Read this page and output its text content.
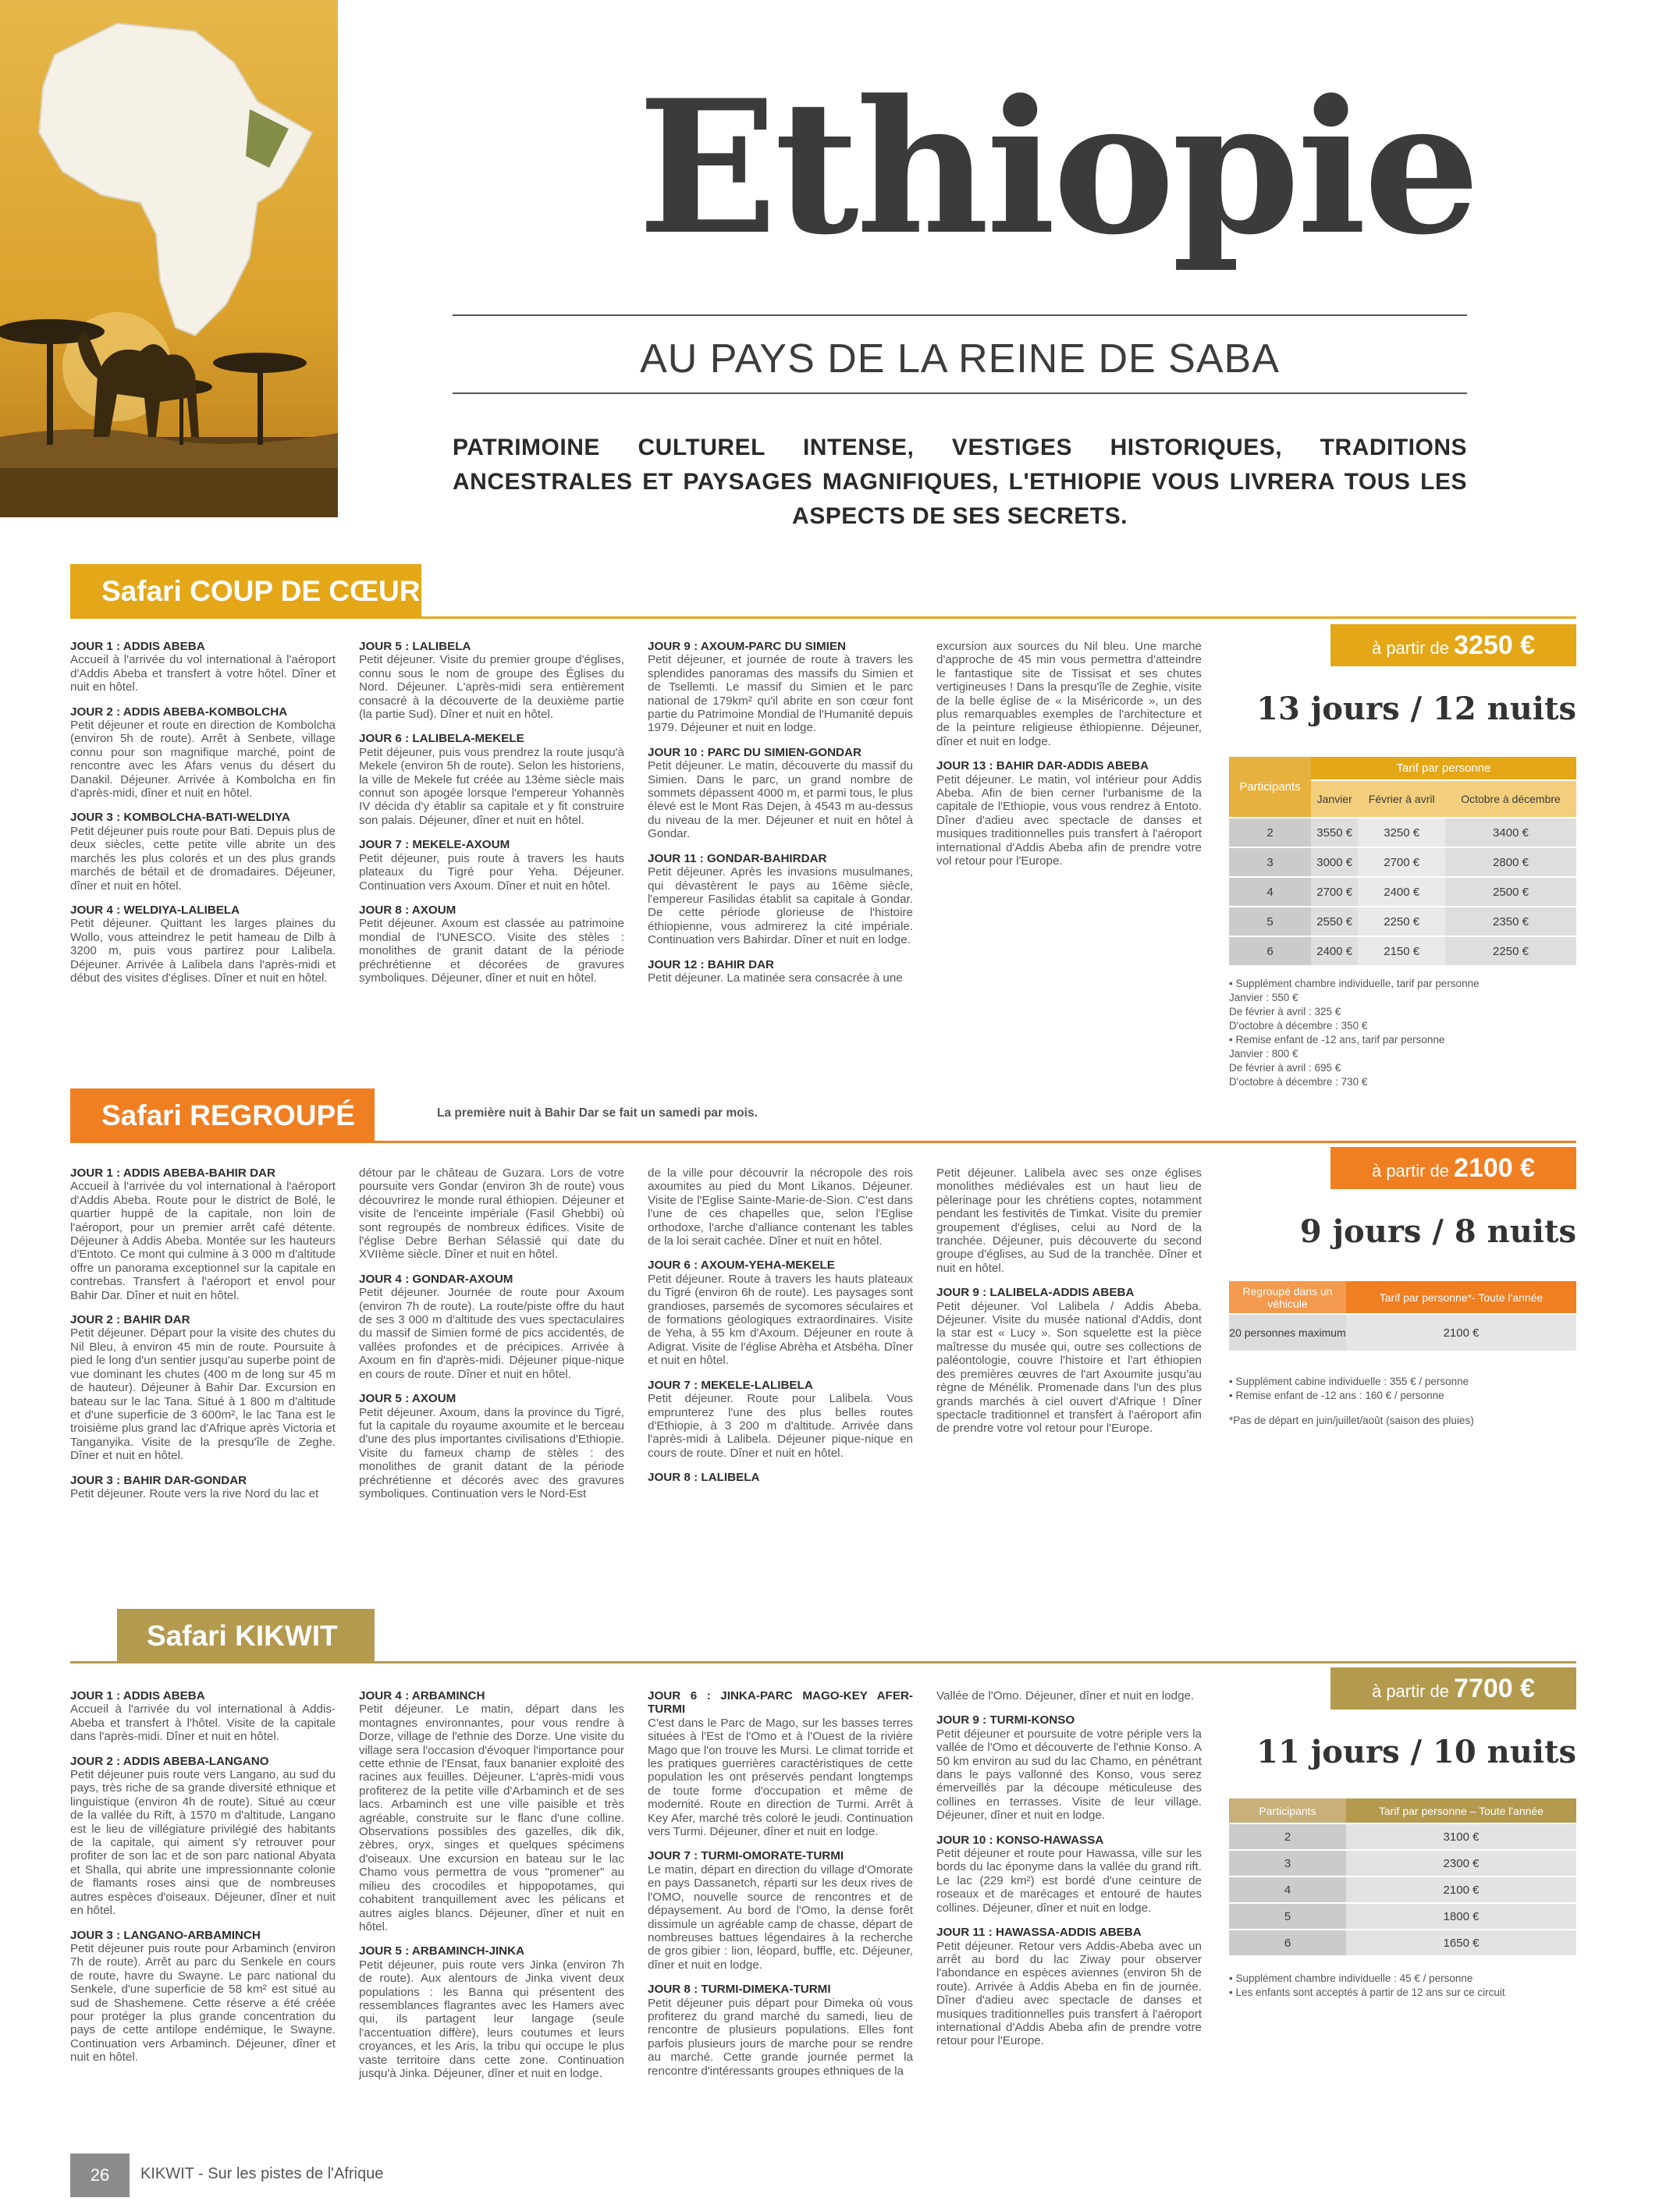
Ethiopie
AU PAYS DE LA REINE DE SABA
PATRIMOINE CULTUREL INTENSE, VESTIGES HISTORIQUES, TRADITIONS ANCESTRALES ET PAYSAGES MAGNIFIQUES, L'ETHIOPIE VOUS LIVRERA TOUS LES ASPECTS DE SES SECRETS.
Safari COUP DE CŒUR
JOUR 1 : ADDIS ABEBA

Accueil à l'arrivée du vol international à l'aéroport d'Addis Abeba et transfert à votre hôtel. Dîner et nuit en hôtel.

JOUR 2 : ADDIS ABEBA-KOMBOLCHA

Petit déjeuner et route en direction de Kombolcha (environ 5h de route). Arrêt à Senbete, village connu pour son magnifique marché, point de rencontre avec les Afars venus du désert du Danakil. Déjeuner. Arrivée à Kombolcha en fin d'après-midi, dîner et nuit en hôtel.

JOUR 3 : KOMBOLCHA-BATI-WELDIYA

Petit déjeuner puis route pour Bati. Depuis plus de deux siècles, cette petite ville abrite un des marchés les plus colorés et un des plus grands marchés de bétail et de dromadaires. Déjeuner, dîner et nuit en hôtel.

JOUR 4 : WELDIYA-LALIBELA

Petit déjeuner. Quittant les larges plaines du Wollo, vous atteindrez le petit hameau de Dilb à 3200 m, puis vous partirez pour Lalibela. Déjeuner. Arrivée à Lalibela dans l'après-midi et début des visites d'églises. Dîner et nuit en hôtel.

JOUR 5 : LALIBELA

Petit déjeuner. Visite du premier groupe d'églises, connu sous le nom de groupe des Églises du Nord. Déjeuner. L'après-midi sera entièrement consacré à la découverte de la deuxième partie (la partie Sud). Dîner et nuit en hôtel.

JOUR 6 : LALIBELA-MEKELE

Petit déjeuner, puis vous prendrez la route jusqu'à Mekele (environ 5h de route). Selon les historiens, la ville de Mekele fut créée au 13ème siècle mais connut son apogée lorsque l'empereur Yohannès IV décida d'y établir sa capitale et y fit construire son palais. Déjeuner, dîner et nuit en hôtel.

JOUR 7 : MEKELE-AXOUM

Petit déjeuner, puis route à travers les hauts plateaux du Tigré pour Yeha. Déjeuner. Continuation vers Axoum. Dîner et nuit en hôtel.

JOUR 8 : AXOUM

Petit déjeuner. Axoum est classée au patrimoine mondial de l'UNESCO. Visite des stèles : monolithes de granit datant de la période préchrétienne et décorées de gravures symboliques. Déjeuner, dîner et nuit en hôtel.

JOUR 9 : AXOUM-PARC DU SIMIEN

Petit déjeuner, et journée de route à travers les splendides panoramas des massifs du Simien et de Tsellemti. Le massif du Simien et le parc national de 179km² qu'il abrite en son cœur font partie du Patrimoine Mondial de l'Humanité depuis 1979. Déjeuner et nuit en lodge.

JOUR 10 : PARC DU SIMIEN-GONDAR

Petit déjeuner. Le matin, découverte du massif du Simien. Dans le parc, un grand nombre de sommets dépassent 4000 m, et parmi tous, le plus élevé est le Mont Ras Dejen, à 4543 m au-dessus du niveau de la mer. Déjeuner et nuit en hôtel à Gondar.

JOUR 11 : GONDAR-BAHIRDAR

Petit déjeuner. Après les invasions musulmanes, qui dévastèrent le pays au 16ème siècle, l'empereur Fasilidas établit sa capitale à Gondar. De cette période glorieuse de l'histoire éthiopienne, vous admirerez la cité impériale. Continuation vers Bahirdar. Dîner et nuit en lodge.

JOUR 12 : BAHIR DAR

Petit déjeuner. La matinée sera consacrée à une

excursion aux sources du Nil bleu. Une marche d'approche de 45 min vous permettra d'atteindre le fantastique site de Tissisat et ses chutes vertigineuses ! Dans la presqu'île de Zeghie, visite de la belle église de « la Miséricorde », un des plus remarquables exemples de l'architecture et de la peinture religieuse éthiopienne. Déjeuner, dîner et nuit en lodge.

JOUR 13 : BAHIR DAR-ADDIS ABEBA

Petit déjeuner. Le matin, vol intérieur pour Addis Abeba. Afin de bien cerner l'urbanisme de la capitale de l'Ethiopie, vous vous rendrez à Entoto. Dîner d'adieu avec spectacle de danses et musiques traditionnelles puis transfert à l'aéroport international d'Addis Abeba afin de prendre votre vol retour pour l'Europe.

à partir de 3250 €
13 jours / 12 nuits
Participants	Tarif par personne		
	Janvier	Février à avril	Octobre à décembre
2	3550 €	3250 €	3400 €
3	3000 €	2700 €	2800 €
4	2700 €	2400 €	2500 €
5	2550 €	2250 €	2350 €
6	2400 €	2150 €	2250 €

• Supplément chambre individuelle, tarif par personne

Janvier : 550 €

De février à avril : 325 €

D'octobre à décembre : 350 €

• Remise enfant de -12 ans, tarif par personne

Janvier : 800 €

De février à avril : 695 €

D'octobre à décembre : 730 €

Safari REGROUPÉ	La première nuit à Bahir Dar se fait un samedi par mois.
JOUR 1 : ADDIS ABEBA-BAHIR DAR

Accueil à l'arrivée du vol international à l'aéroport d'Addis Abeba. Route pour le district de Bolé, le quartier huppé de la capitale, non loin de l'aéroport, pour un premier arrêt café détente. Déjeuner à Addis Abeba. Montée sur les hauteurs d'Entoto. Ce mont qui culmine à 3 000 m d'altitude offre un panorama exceptionnel sur la capitale en contrebas. Transfert à l'aéroport et envol pour Bahir Dar. Dîner et nuit en hôtel.

JOUR 2 : BAHIR DAR

Petit déjeuner. Départ pour la visite des chutes du Nil Bleu, à environ 45 min de route. Poursuite à pied le long d'un sentier jusqu'au superbe point de vue dominant les chutes (400 m de long sur 45 m de hauteur). Déjeuner à Bahir Dar. Excursion en bateau sur le lac Tana. Situé à 1 800 m d'altitude et d'une superficie de 3 600m², le lac Tana est le troisième plus grand lac d'Afrique après Victoria et Tanganyika. Visite de la presqu'île de Zeghe. Dîner et nuit en hôtel.

JOUR 3 : BAHIR DAR-GONDAR

Petit déjeuner. Route vers la rive Nord du lac et

détour par le château de Guzara. Lors de votre poursuite vers Gondar (environ 3h de route) vous découvrirez le monde rural éthiopien. Déjeuner et visite de l'enceinte impériale (Fasil Ghebbi) où sont regroupés de nombreux édifices. Visite de l'église Debre Berhan Sélassié qui date du XVIIème siècle. Dîner et nuit en hôtel.

JOUR 4 : GONDAR-AXOUM

Petit déjeuner. Journée de route pour Axoum (environ 7h de route). La route/piste offre du haut de ses 3 000 m d'altitude des vues spectaculaires du massif de Simien formé de pics accidentés, de vallées profondes et de précipices. Arrivée à Axoum en fin d'après-midi. Déjeuner pique-nique en cours de route. Dîner et nuit en hôtel.

JOUR 5 : AXOUM

Petit déjeuner. Axoum, dans la province du Tigré, fut la capitale du royaume axoumite et le berceau d'une des plus importantes civilisations d'Ethiopie. Visite du fameux champ de stèles : des monolithes de granit datant de la période préchrétienne et décorés avec des gravures symboliques. Continuation vers le Nord-Est

de la ville pour découvrir la nécropole des rois axoumites au pied du Mont Likanos. Déjeuner. Visite de l'Eglise Sainte-Marie-de-Sion. C'est dans l'une de ces chapelles que, selon l'Eglise orthodoxe, l'arche d'alliance contenant les tables de la loi serait cachée. Dîner et nuit en hôtel.

JOUR 6 : AXOUM-YEHA-MEKELE

Petit déjeuner. Route à travers les hauts plateaux du Tigré (environ 6h de route). Les paysages sont grandioses, parsemés de sycomores séculaires et de formations géologiques extraordinaires. Visite de Yeha, à 55 km d'Axoum. Déjeuner en route à Adigrat. Visite de l'église Abrèha et Atsbéha. Dîner et nuit en hôtel.

JOUR 7 : MEKELE-LALIBELA

Petit déjeuner. Route pour Lalibela. Vous emprunterez l'une des plus belles routes d'Ethiopie, à 3 200 m d'altitude. Arrivée dans l'après-midi à Lalibela. Déjeuner pique-nique en cours de route. Dîner et nuit en hôtel.

JOUR 8 : LALIBELA

Petit déjeuner. Lalibela avec ses onze églises monolithes médiévales est un haut lieu de pèlerinage pour les chrétiens coptes, notamment pendant les festivités de Timkat. Visite du premier groupement d'églises, celui au Nord de la tranchée. Déjeuner, puis découverte du second groupe d'églises, au Sud de la tranchée. Dîner et nuit en hôtel.

JOUR 9 : LALIBELA-ADDIS ABEBA

Petit déjeuner. Vol Lalibela / Addis Abeba. Déjeuner. Visite du musée national d'Addis, dont la star est « Lucy ». Son squelette est la pièce maîtresse du musée qui, outre ses collections de paléontologie, couvre l'histoire et l'art éthiopien des premières œuvres de l'art Axoumite jusqu'au règne de Ménélik. Promenade dans l'un des plus grands marchés à ciel ouvert d'Afrique ! Dîner spectacle traditionnel et transfert à l'aéroport afin de prendre votre vol retour pour l'Europe.

à partir de 2100 €
9 jours / 8 nuits
Regroupé dans un véhicule	Tarif par personne*- Toute l'année
20 personnes maximum	2100 €

• Supplément cabine individuelle : 355 € / personne

• Remise enfant de -12 ans : 160 € / personne

*Pas de départ en juin/juillet/août (saison des pluies)

Safari KIKWIT
JOUR 1 : ADDIS ABEBA

Accueil à l'arrivée du vol international à Addis-Abeba et transfert à l'hôtel. Visite de la capitale dans l'après-midi. Dîner et nuit en hôtel.

JOUR 2 : ADDIS ABEBA-LANGANO

Petit déjeuner puis route vers Langano, au sud du pays, très riche de sa grande diversité ethnique et linguistique (environ 4h de route). Situé au cœur de la vallée du Rift, à 1570 m d'altitude, Langano est le lieu de villégiature privilégié des habitants de la capitale, qui aiment s'y retrouver pour profiter de son lac et de son parc national Abyata et Shalla, qui abrite une impressionnante colonie de flamants roses ainsi que de nombreuses autres espèces d'oiseaux. Déjeuner, dîner et nuit en hôtel.

JOUR 3 : LANGANO-ARBAMINCH

Petit déjeuner puis route pour Arbaminch (environ 7h de route). Arrêt au parc du Senkele en cours de route, havre du Swayne. Le parc national du Senkele, d'une superficie de 58 km² est situé au sud de Shashemene. Cette réserve a été créée pour protéger la plus grande concentration du pays de cette antilope endémique, le Swayne. Continuation vers Arbaminch. Déjeuner, dîner et nuit en hôtel.

JOUR 4 : ARBAMINCH

Petit déjeuner. Le matin, départ dans les montagnes environnantes, pour vous rendre à Dorze, village de l'ethnie des Dorze. Une visite du village sera l'occasion d'évoquer l'importance pour cette ethnie de l'Ensat, faux bananier exploité des racines aux feuilles. Déjeuner. L'après-midi vous profiterez de la petite ville d'Arbaminch et de ses lacs. Arbaminch est une ville paisible et très agréable, construite sur le flanc d'une colline. Observations possibles des gazelles, dik dik, zèbres, oryx, singes et quelques spécimens d'oiseaux. Une excursion en bateau sur le lac Chamo vous permettra de vous "promener" au milieu des crocodiles et hippopotames, qui cohabitent tranquillement avec les pélicans et autres aigles blancs. Déjeuner, dîner et nuit en hôtel.

JOUR 5 : ARBAMINCH-JINKA

Petit déjeuner, puis route vers Jinka (environ 7h de route). Aux alentours de Jinka vivent deux populations : les Banna qui présentent des ressemblances flagrantes avec les Hamers avec qui, ils partagent leur langage (seule l'accentuation diffère), leurs coutumes et leurs croyances, et les Aris, la tribu qui occupe le plus vaste territoire dans cette zone. Continuation jusqu'à Jinka. Déjeuner, dîner et nuit en lodge.

JOUR 6 : JINKA-PARC MAGO-KEY AFER-TURMI

C'est dans le Parc de Mago, sur les basses terres situées à l'Est de l'Omo et à l'Ouest de la rivière Mago que l'on trouve les Mursi. Le climat torride et les pratiques guerrières caractéristiques de cette population les ont préservés pendant longtemps de toute forme d'occupation et même de modernité. Route en direction de Turmi. Arrêt à Key Afer, marché très coloré le jeudi. Continuation vers Turmi. Déjeuner, dîner et nuit en lodge.

JOUR 7 : TURMI-OMORATE-TURMI

Le matin, départ en direction du village d'Omorate en pays Dassanetch, réparti sur les deux rives de l'OMO, nouvelle source de rencontres et de dépaysement. Au bord de l'Omo, la dense forêt dissimule un agréable camp de chasse, départ de nombreuses battues légendaires à la recherche de gros gibier : lion, léopard, buffle, etc. Déjeuner, dîner et nuit en lodge.

JOUR 8 : TURMI-DIMEKA-TURMI

Petit déjeuner puis départ pour Dimeka où vous profiterez du grand marché du samedi, lieu de rencontre de plusieurs populations. Elles font parfois plusieurs jours de marche pour se rendre au marché. Cette grande journée permet la rencontre d'intéressants groupes ethniques de la

Vallée de l'Omo. Déjeuner, dîner et nuit en lodge.

JOUR 9 : TURMI-KONSO

Petit déjeuner et poursuite de votre périple vers la vallée de l'Omo et découverte de l'ethnie Konso. A 50 km environ au sud du lac Chamo, en pénétrant dans le pays vallonné des Konso, vous serez émerveillés par la découpe méticuleuse des collines en terrasses. Visite de leur village. Déjeuner, dîner et nuit en lodge.

JOUR 10 : KONSO-HAWASSA

Petit déjeuner et route pour Hawassa, ville sur les bords du lac éponyme dans la vallée du grand rift. Le lac (229 km²) est bordé d'une ceinture de roseaux et de marécages et entouré de hautes collines. Déjeuner, dîner et nuit en lodge.

JOUR 11 : HAWASSA-ADDIS ABEBA

Petit déjeuner. Retour vers Addis-Abeba avec un arrêt au bord du lac Ziway pour observer l'abondance en espèces aviennes (environ 5h de route). Arrivée à Addis Abeba en fin de journée. Dîner d'adieu avec spectacle de danses et musiques traditionnelles puis transfert à l'aéroport international d'Addis Abeba afin de prendre votre retour pour l'Europe.

à partir de 7700 €
11 jours / 10 nuits
Participants	Tarif par personne – Toute l'année
2	3100 €
3	2300 €
4	2100 €
5	1800 €
6	1650 €

• Supplément chambre individuelle : 45 € / personne

• Les enfants sont acceptés à partir de 12 ans sur ce circuit

26	KIKWIT - Sur les pistes de l'Afrique
